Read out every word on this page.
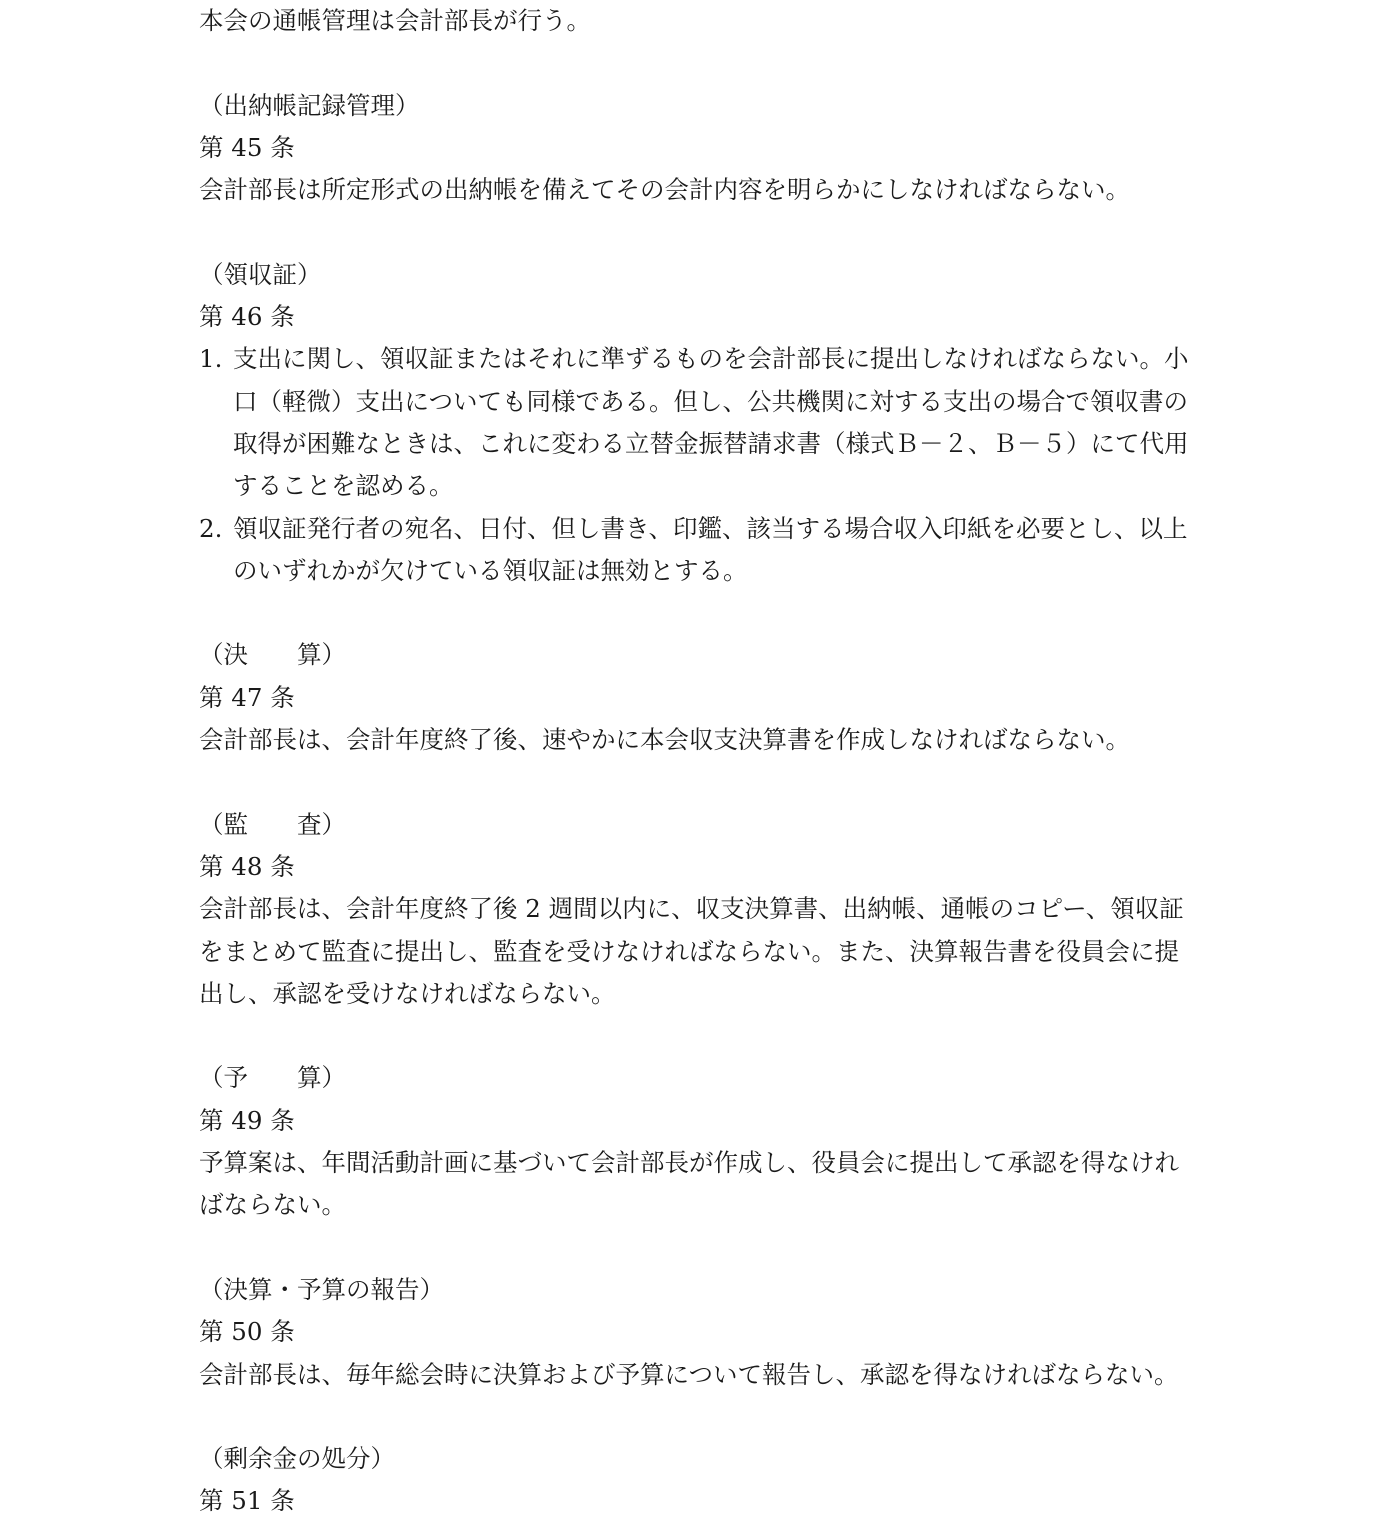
本会の通帳管理は会計部長が行う。
（出納帳記録管理）
第 45 条
会計部長は所定形式の出納帳を備えてその会計内容を明らかにしなければならない。
（領収証）
第 46 条
1. 支出に関し、領収証またはそれに準ずるものを会計部長に提出しなければならない。小
口（軽微）支出についても同様である。但し、公共機関に対する支出の場合で領収書の
取得が困難なときは、これに変わる立替金振替請求書（様式Ｂ－２、Ｂ－５）にて代用
することを認める。
2. 領収証発行者の宛名、日付、但し書き、印鑑、該当する場合収入印紙を必要とし、以上
のいずれかが欠けている領収証は無効とする。
（決　　算）
第 47 条
会計部長は、会計年度終了後、速やかに本会収支決算書を作成しなければならない。
（監　　査）
第 48 条
会計部長は、会計年度終了後 2 週間以内に、収支決算書、出納帳、通帳のコピー、領収証
をまとめて監査に提出し、監査を受けなければならない。また、決算報告書を役員会に提
出し、承認を受けなければならない。
（予　　算）
第 49 条
予算案は、年間活動計画に基づいて会計部長が作成し、役員会に提出して承認を得なけれ
ばならない。
（決算・予算の報告）
第 50 条
会計部長は、毎年総会時に決算および予算について報告し、承認を得なければならない。
（剰余金の処分）
第 51 条
